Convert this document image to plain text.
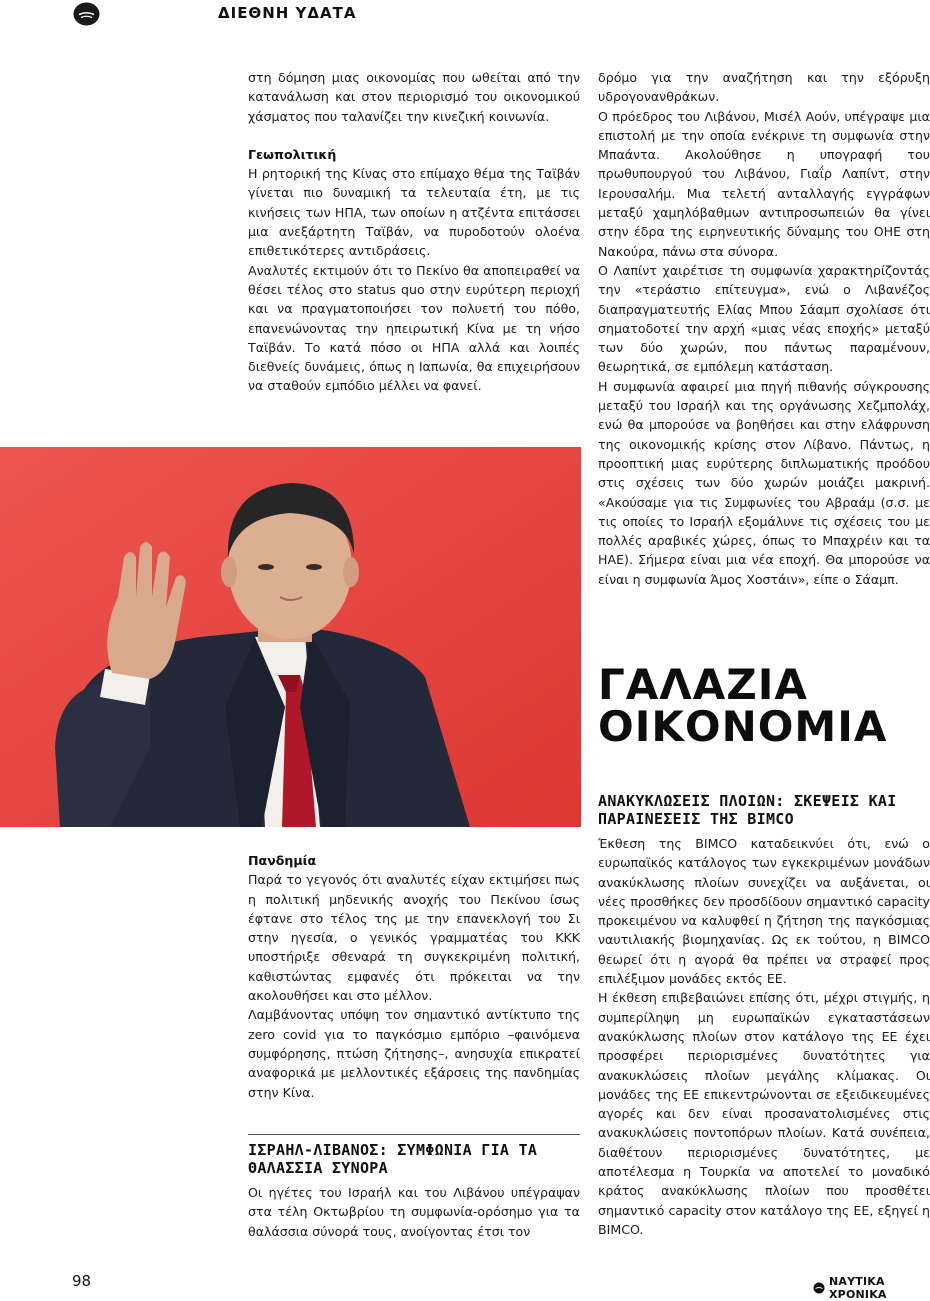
ΔΙΕΘΝΗ ΥΔΑΤΑ

στη δόμηση μιας οικονομίας που ωθείται από την κατανάλωση και στον περιορισμό του οικονομικού χάσματος που ταλανίζει την κινεζική κοινωνία.

Γεωπολιτική

Η ρητορική της Κίνας στο επίμαχο θέμα της Ταϊβάν γίνεται πιο δυναμική τα τελευταία έτη, με τις κινήσεις των ΗΠΑ, των οποίων η ατζέντα επιτάσσει μια ανεξάρτητη Ταϊβάν, να πυροδοτούν ολοένα επιθετικότερες αντιδράσεις.

Αναλυτές εκτιμούν ότι το Πεκίνο θα αποπειραθεί να θέσει τέλος στο status quo στην ευρύτερη περιοχή και να πραγματοποιήσει τον πολυετή του πόθο, επανενώνοντας την ηπειρωτική Κίνα με τη νήσο Ταϊβάν. Το κατά πόσο οι ΗΠΑ αλλά και λοιπές διεθνείς δυνάμεις, όπως η Ιαπωνία, θα επιχειρήσουν να σταθούν εμπόδιο μέλλει να φανεί.

Πανδημία

Παρά το γεγονός ότι αναλυτές είχαν εκτιμήσει πως η πολιτική μηδενικής ανοχής του Πεκίνου ίσως έφτανε στο τέλος της με την επανεκλογή του Σι στην ηγεσία, ο γενικός γραμματέας του ΚΚΚ υποστήριξε σθεναρά τη συγκεκριμένη πολιτική, καθιστώντας εμφανές ότι πρόκειται να την ακολουθήσει και στο μέλλον.

Λαμβάνοντας υπόψη τον σημαντικό αντίκτυπο της zero covid για το παγκόσμιο εμπόριο –φαινόμενα συμφόρησης, πτώση ζήτησης–, ανησυχία επικρατεί αναφορικά με μελλοντικές εξάρσεις της πανδημίας στην Κίνα.

ΙΣΡΑΗΛ-ΛΙΒΑΝΟΣ: ΣΥΜΦΩΝΙΑ ΓΙΑ ΤΑ ΘΑΛΑΣΣΙΑ ΣΥΝΟΡΑ

Οι ηγέτες του Ισραήλ και του Λιβάνου υπέγραψαν στα τέλη Οκτωβρίου τη συμφωνία-ορόσημο για τα θαλάσσια σύνορά τους, ανοίγοντας έτσι τον

δρόμο για την αναζήτηση και την εξόρυξη υδρογονανθράκων.

Ο πρόεδρος του Λιβάνου, Μισέλ Αούν, υπέγραψε μια επιστολή με την οποία ενέκρινε τη συμφωνία στην Μπαάντα. Ακολούθησε η υπογραφή του πρωθυπουργού του Λιβάνου, Γιαΐρ Λαπίντ, στην Ιερουσαλήμ. Μια τελετή ανταλλαγής εγγράφων μεταξύ χαμηλόβαθμων αντιπροσωπειών θα γίνει στην έδρα της ειρηνευτικής δύναμης του ΟΗΕ στη Νακούρα, πάνω στα σύνορα.

Ο Λαπίντ χαιρέτισε τη συμφωνία χαρακτηρίζοντάς την «τεράστιο επίτευγμα», ενώ ο Λιβανέζος διαπραγματευτής Ελίας Μπου Σάαμπ σχολίασε ότι σηματοδοτεί την αρχή «μιας νέας εποχής» μεταξύ των δύο χωρών, που πάντως παραμένουν, θεωρητικά, σε εμπόλεμη κατάσταση.

Η συμφωνία αφαιρεί μια πηγή πιθανής σύγκρουσης μεταξύ του Ισραήλ και της οργάνωσης Χεζμπολάχ, ενώ θα μπορούσε να βοηθήσει και στην ελάφρυνση της οικονομικής κρίσης στον Λίβανο. Πάντως, η προοπτική μιας ευρύτερης διπλωματικής προόδου στις σχέσεις των δύο χωρών μοιάζει μακρινή. «Ακούσαμε για τις Συμφωνίες του Αβραάμ (σ.σ. με τις οποίες το Ισραήλ εξομάλυνε τις σχέσεις του με πολλές αραβικές χώρες, όπως το Μπαχρέιν και τα ΗΑΕ). Σήμερα είναι μια νέα εποχή. Θα μπορούσε να είναι η συμφωνία Άμος Χοστάιν», είπε ο Σάαμπ.

ΓΑΛΑΖΙΑ
ΟΙΚΟΝΟΜΙΑ
ΑΝΑΚΥΚΛΩΣΕΙΣ ΠΛΟΙΩΝ: ΣΚΕΨΕΙΣ ΚΑΙ ΠΑΡΑΙΝΕΣΕΙΣ ΤΗΣ BIMCO

Έκθεση της BIMCO καταδεικνύει ότι, ενώ ο ευρωπαϊκός κατάλογος των εγκεκριμένων μονάδων ανακύκλωσης πλοίων συνεχίζει να αυξάνεται, οι νέες προσθήκες δεν προσδίδουν σημαντικό capacity προκειμένου να καλυφθεί η ζήτηση της παγκόσμιας ναυτιλιακής βιομηχανίας. Ως εκ τούτου, η BIMCO θεωρεί ότι η αγορά θα πρέπει να στραφεί προς επιλέξιμον μονάδες εκτός ΕΕ.

Η έκθεση επιβεβαιώνει επίσης ότι, μέχρι στιγμής, η συμπερίληψη μη ευρωπαϊκών εγκαταστάσεων ανακύκλωσης πλοίων στον κατάλογο της ΕΕ έχει προσφέρει περιορισμένες δυνατότητες για ανακυκλώσεις πλοίων μεγάλης κλίμακας. Οι μονάδες της ΕΕ επικεντρώνονται σε εξειδικευμένες αγορές και δεν είναι προσανατολισμένες στις ανακυκλώσεις ποντοπόρων πλοίων. Κατά συνέπεια, διαθέτουν περιορισμένες δυνατότητες, με αποτέλεσμα η Τουρκία να αποτελεί το μοναδικό κράτος ανακύκλωσης πλοίων που προσθέτει σημαντικό capacity στον κατάλογο της ΕΕ, εξηγεί η BIMCO.

98	ΝΑΥΤΙΚΑ ΧΡΟΝΙΚΑ
